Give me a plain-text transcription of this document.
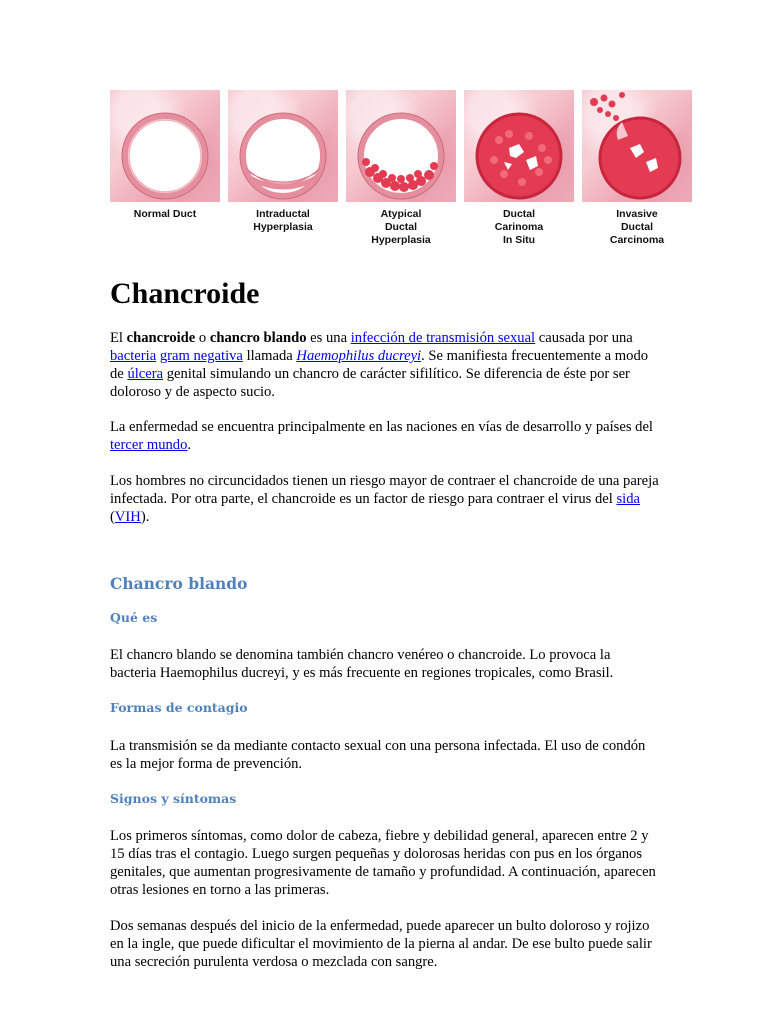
Normal Duct	Intraductal
Hyperplasia
Atypical
Ductal
Hyperplasia
Ductal
Carinoma
In Situ
Invasive
Ductal
Carcinoma
Chancroide

El chancroide o chancro blando es una infección de transmisión sexual causada por una bacteria gram negativa llamada Haemophilus ducreyi. Se manifiesta frecuentemente a modo de úlcera genital simulando un chancro de carácter sifilítico. Se diferencia de éste por ser doloroso y de aspecto sucio.

La enfermedad se encuentra principalmente en las naciones en vías de desarrollo y países del tercer mundo.

Los hombres no circuncidados tienen un riesgo mayor de contraer el chancroide de una pareja infectada. Por otra parte, el chancroide es un factor de riesgo para contraer el virus del sida (VIH).

Chancro blando
Qué es

El chancro blando se denomina también chancro venéreo o chancroide. Lo provoca la bacteria Haemophilus ducreyi, y es más frecuente en regiones tropicales, como Brasil.

Formas de contagio

La transmisión se da mediante contacto sexual con una persona infectada. El uso de condón es la mejor forma de prevención.

Signos y síntomas

Los primeros síntomas, como dolor de cabeza, fiebre y debilidad general, aparecen entre 2 y 15 días tras el contagio. Luego surgen pequeñas y dolorosas heridas con pus en los órganos genitales, que aumentan progresivamente de tamaño y profundidad. A continuación, aparecen otras lesiones en torno a las primeras.

Dos semanas después del inicio de la enfermedad, puede aparecer un bulto doloroso y rojizo en la ingle, que puede dificultar el movimiento de la pierna al andar. De ese bulto puede salir una secreción purulenta verdosa o mezclada con sangre.
